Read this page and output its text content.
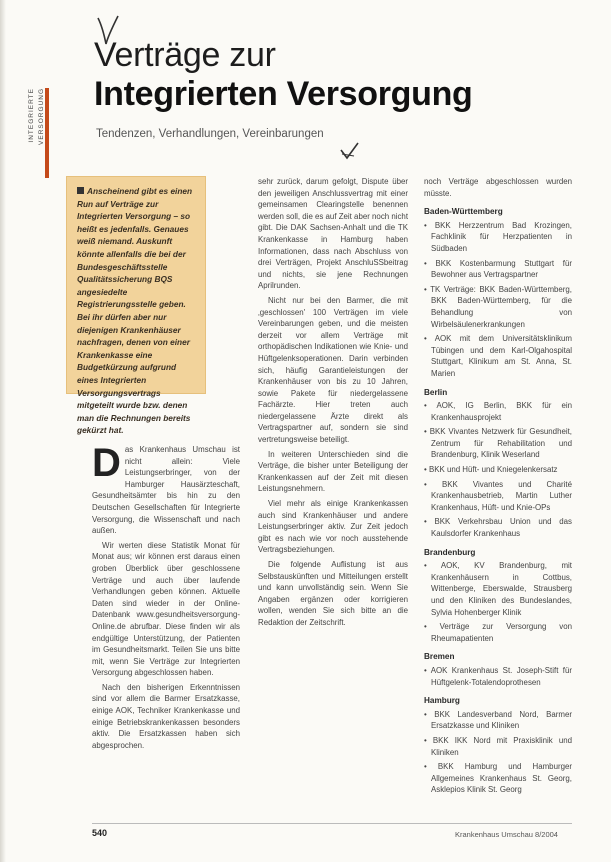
INTEGRIERTE VERSORGUNG
Verträge zur
Integrierten Versorgung
Tendenzen, Verhandlungen, Vereinbarungen

Anscheinend gibt es einen Run auf Verträge zur Integrierten Versorgung – so heißt es jedenfalls. Genaues weiß niemand. Auskunft könnte allenfalls die bei der Bundesgeschäftsstelle Qualitätssicherung BQS angesiedelte Registrierungsstelle geben. Bei ihr dürfen aber nur diejenigen Krankenhäuser nachfragen, denen von einer Krankenkasse eine Budgetkürzung aufgrund eines Integrierten Versorgungsvertrags mitgeteilt wurde bzw. denen man die Rechnungen bereits gekürzt hat.

Das Krankenhaus Umschau ist nicht allein: Viele Leistungserbringer, von der Hamburger Hausärzteschaft, Gesundheitsämter bis hin zu den Deutschen Gesellschaften für Integrierte Versorgung, die Wissenschaft und nach außen.

Wir werten diese Statistik Monat für Monat aus; wir können erst daraus einen groben Überblick über geschlossene Verträge und auch über laufende Verhandlungen geben können. Aktuelle Daten sind wieder in der Online-Datenbank www.gesundheitsversorgung-Online.de abrufbar. Diese finden wir als endgültige Unterstützung, der Patienten im Gesundheitsmarkt. Teilen Sie uns bitte mit, wenn Sie Verträge zur Integrierten Versorgung abgeschlossen haben.

Nach den bisherigen Erkenntnissen sind vor allem die Barmer Ersatzkasse, einige AOK, Techniker Krankenkasse und einige Betriebskrankenkassen besonders aktiv. Die Ersatzkassen haben sich abgesprochen.

sehr zurück, darum gefolgt, Dispute über den jeweiligen Anschlussvertrag mit einer gemeinsamen Clearingstelle benennen werden soll, die es auf Zeit aber noch nicht gibt. Die DAK Sachsen-Anhalt und die TK Krankenkasse in Hamburg haben Informationen, dass nach Abschluss von drei Verträgen, Projekt AnschluSSbeitrag und nichts, sie jene Rechnungen Aprilrunden.

Nicht nur bei den Barmer, die mit ‚geschlossen' 100 Verträgen im viele Vereinbarungen geben, und die meisten derzeit vor allem Verträge mit orthopädischen Indikationen wie Knie- und Hüftgelenksoperationen. Darin verbinden sich, häufig Garantieleistungen der Krankenhäuser von bis zu 10 Jahren, sowie Pakete für niedergelassene Fachärzte. Hier treten auch niedergelassene Ärzte direkt als Vertragspartner auf, sondern sie sind vertretungsweise beteiligt.

In weiteren Unterschieden sind die Verträge, die bisher unter Beteiligung der Krankenkassen auf der Zeit mit diesen Leistungsnehmern.

Viel mehr als einige Krankenkassen auch sind Krankenhäuser und andere Leistungserbringer aktiv. Zur Zeit jedoch gibt es nach wie vor noch ausstehende Vertragsbeziehungen.

Die folgende Auflistung ist aus Selbstauskünften und Mitteilungen erstellt und kann unvollständig sein. Wenn Sie Angaben ergänzen oder korrigieren wollen, wenden Sie sich bitte an die Redaktion der Zeitschrift.

noch Verträge abgeschlossen wurden müsste.

Baden-Württemberg

• BKK Herzzentrum Bad Krozingen, Fachklinik für Herzpatienten in Südbaden

• BKK Kostenbarmung Stuttgart für Bewohner aus Vertragspartner

• TK Verträge: BKK Baden-Württemberg, BKK Baden-Württemberg, für die Behandlung von Wirbelsäulenerkrankungen

• AOK mit dem Universitätsklinikum Tübingen und dem Karl-Olgahospital Stuttgart, Klinikum am St. Anna, St. Marien

Berlin

• AOK, IG Berlin, BKK für ein Krankenhausprojekt

• BKK Vivantes Netzwerk für Gesundheit, Zentrum für Rehabilitation und Brandenburg, Klinik Weserland

• BKK und Hüft- und Kniegelenkersatz

• BKK Vivantes und Charité Krankenhausbetrieb, Martin Luther Krankenhaus, Hüft- und Knie-OPs

• BKK Verkehrsbau Union und das Kaulsdorfer Krankenhaus

Brandenburg

• AOK, KV Brandenburg, mit Krankenhäusern in Cottbus, Wittenberge, Eberswalde, Strausberg und den Kliniken des Bundeslandes, Sylvia Hohenberger Klinik

• Verträge zur Versorgung von Rheumapatienten

Bremen

• AOK Krankenhaus St. Joseph-Stift für Hüftgelenk-Totalendoprothesen

Hamburg

• BKK Landesverband Nord, Barmer Ersatzkasse und Kliniken

• BKK IKK Nord mit Praxisklinik und Kliniken

• BKK Hamburg und Hamburger Allgemeines Krankenhaus St. Georg, Asklepios Klinik St. Georg

540	Krankenhaus Umschau 8/2004
